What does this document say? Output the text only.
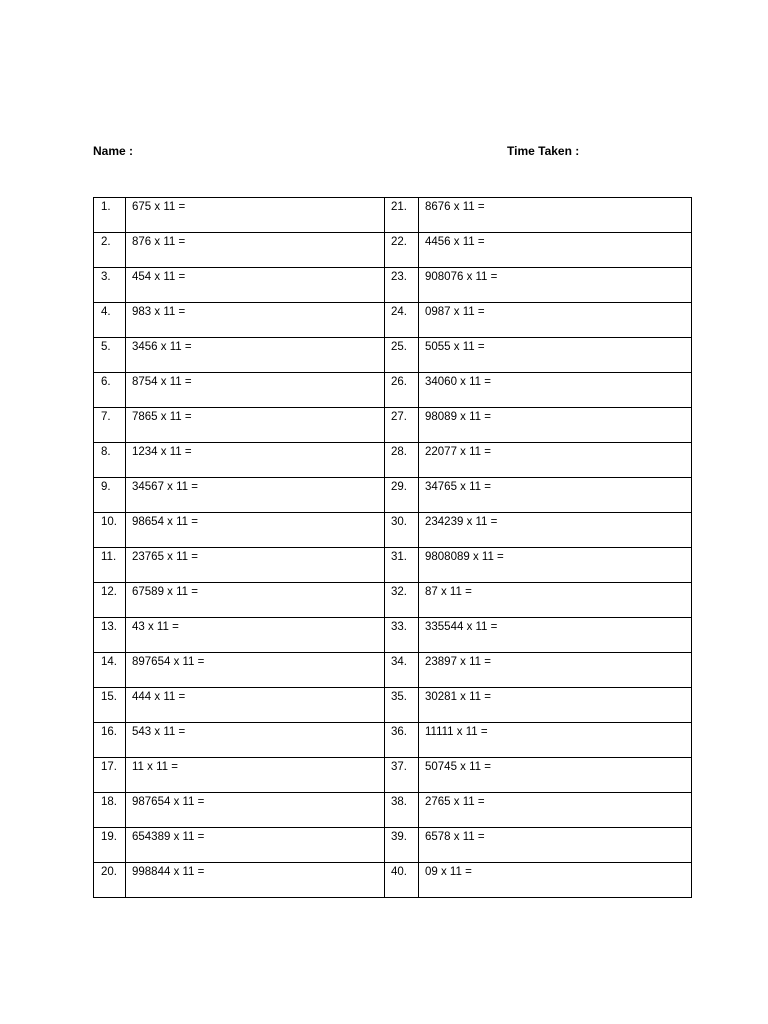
Name :	Time Taken :
1.	675 x 11 =	21.	8676 x 11 =
2.	876 x 11 =	22.	4456 x 11 =
3.	454 x 11 =	23.	908076 x 11 =
4.	983 x 11 =	24.	0987 x 11 =
5.	3456 x 11 =	25.	5055 x 11 =
6.	8754 x 11 =	26.	34060 x 11 =
7.	7865 x 11 =	27.	98089 x 11 =
8.	1234 x 11 =	28.	22077 x 11 =
9.	34567 x 11 =	29.	34765 x 11 =
10.	98654 x 11 =	30.	234239 x 11 =
11.	23765 x 11 =	31.	9808089 x 11 =
12.	67589 x 11 =	32.	87 x 11 =
13.	43 x 11 =	33.	335544 x 11 =
14.	897654 x 11 =	34.	23897 x 11 =
15.	444 x 11 =	35.	30281 x 11 =
16.	543 x 11 =	36.	11111 x 11 =
17.	11 x 11 =	37.	50745 x 11 =
18.	987654 x 11 =	38.	2765 x 11 =
19.	654389 x 11 =	39.	6578 x 11 =
20.	998844 x 11 =	40.	09 x 11 =
